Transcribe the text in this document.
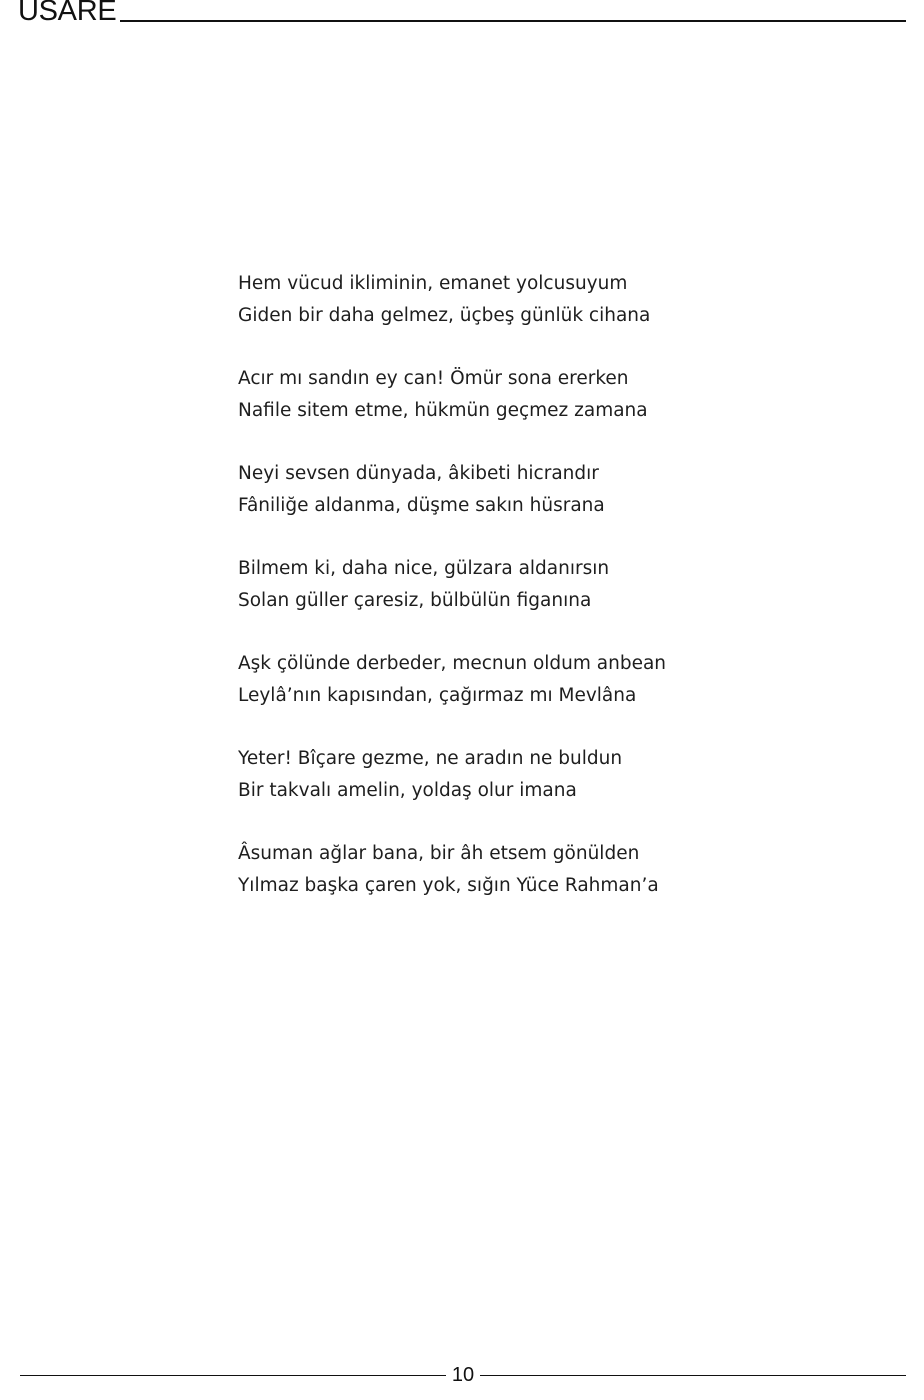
USARE
Hem vücud ikliminin, emanet yolcusuyum
Giden bir daha gelmez, üçbeş günlük cihana
Acır mı sandın ey can! Ömür sona ererken
Nafile sitem etme, hükmün geçmez zamana
Neyi sevsen dünyada, âkibeti hicrandır
Fâniliğe aldanma, düşme sakın hüsrana
Bilmem ki, daha nice, gülzara aldanırsın
Solan güller çaresiz, bülbülün figanına
Aşk çölünde derbeder, mecnun oldum anbean
Leylâ’nın kapısından, çağırmaz mı Mevlâna
Yeter! Bîçare gezme, ne aradın ne buldun
Bir takvalı amelin, yoldaş olur imana
Âsuman ağlar bana, bir âh etsem gönülden
Yılmaz başka çaren yok, sığın Yüce Rahman’a
10
